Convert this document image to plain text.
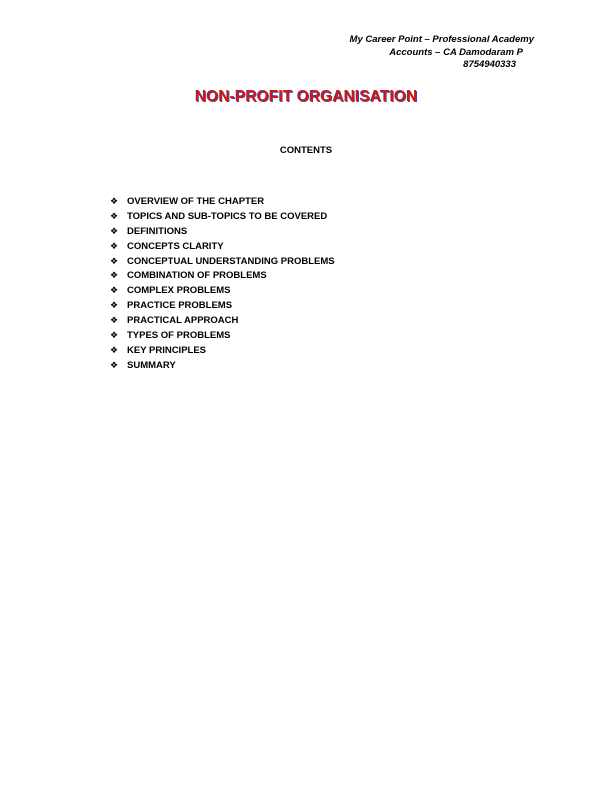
My Career Point – Professional Academy
Accounts – CA Damodaram P
8754940333
NON-PROFIT ORGANISATION
CONTENTS
❖ OVERVIEW OF THE CHAPTER
❖ TOPICS AND SUB-TOPICS TO BE COVERED
❖ DEFINITIONS
❖ CONCEPTS CLARITY
❖ CONCEPTUAL UNDERSTANDING PROBLEMS
❖ COMBINATION OF PROBLEMS
❖ COMPLEX PROBLEMS
❖ PRACTICE PROBLEMS
❖ PRACTICAL APPROACH
❖ TYPES OF PROBLEMS
❖ KEY PRINCIPLES
❖ SUMMARY
